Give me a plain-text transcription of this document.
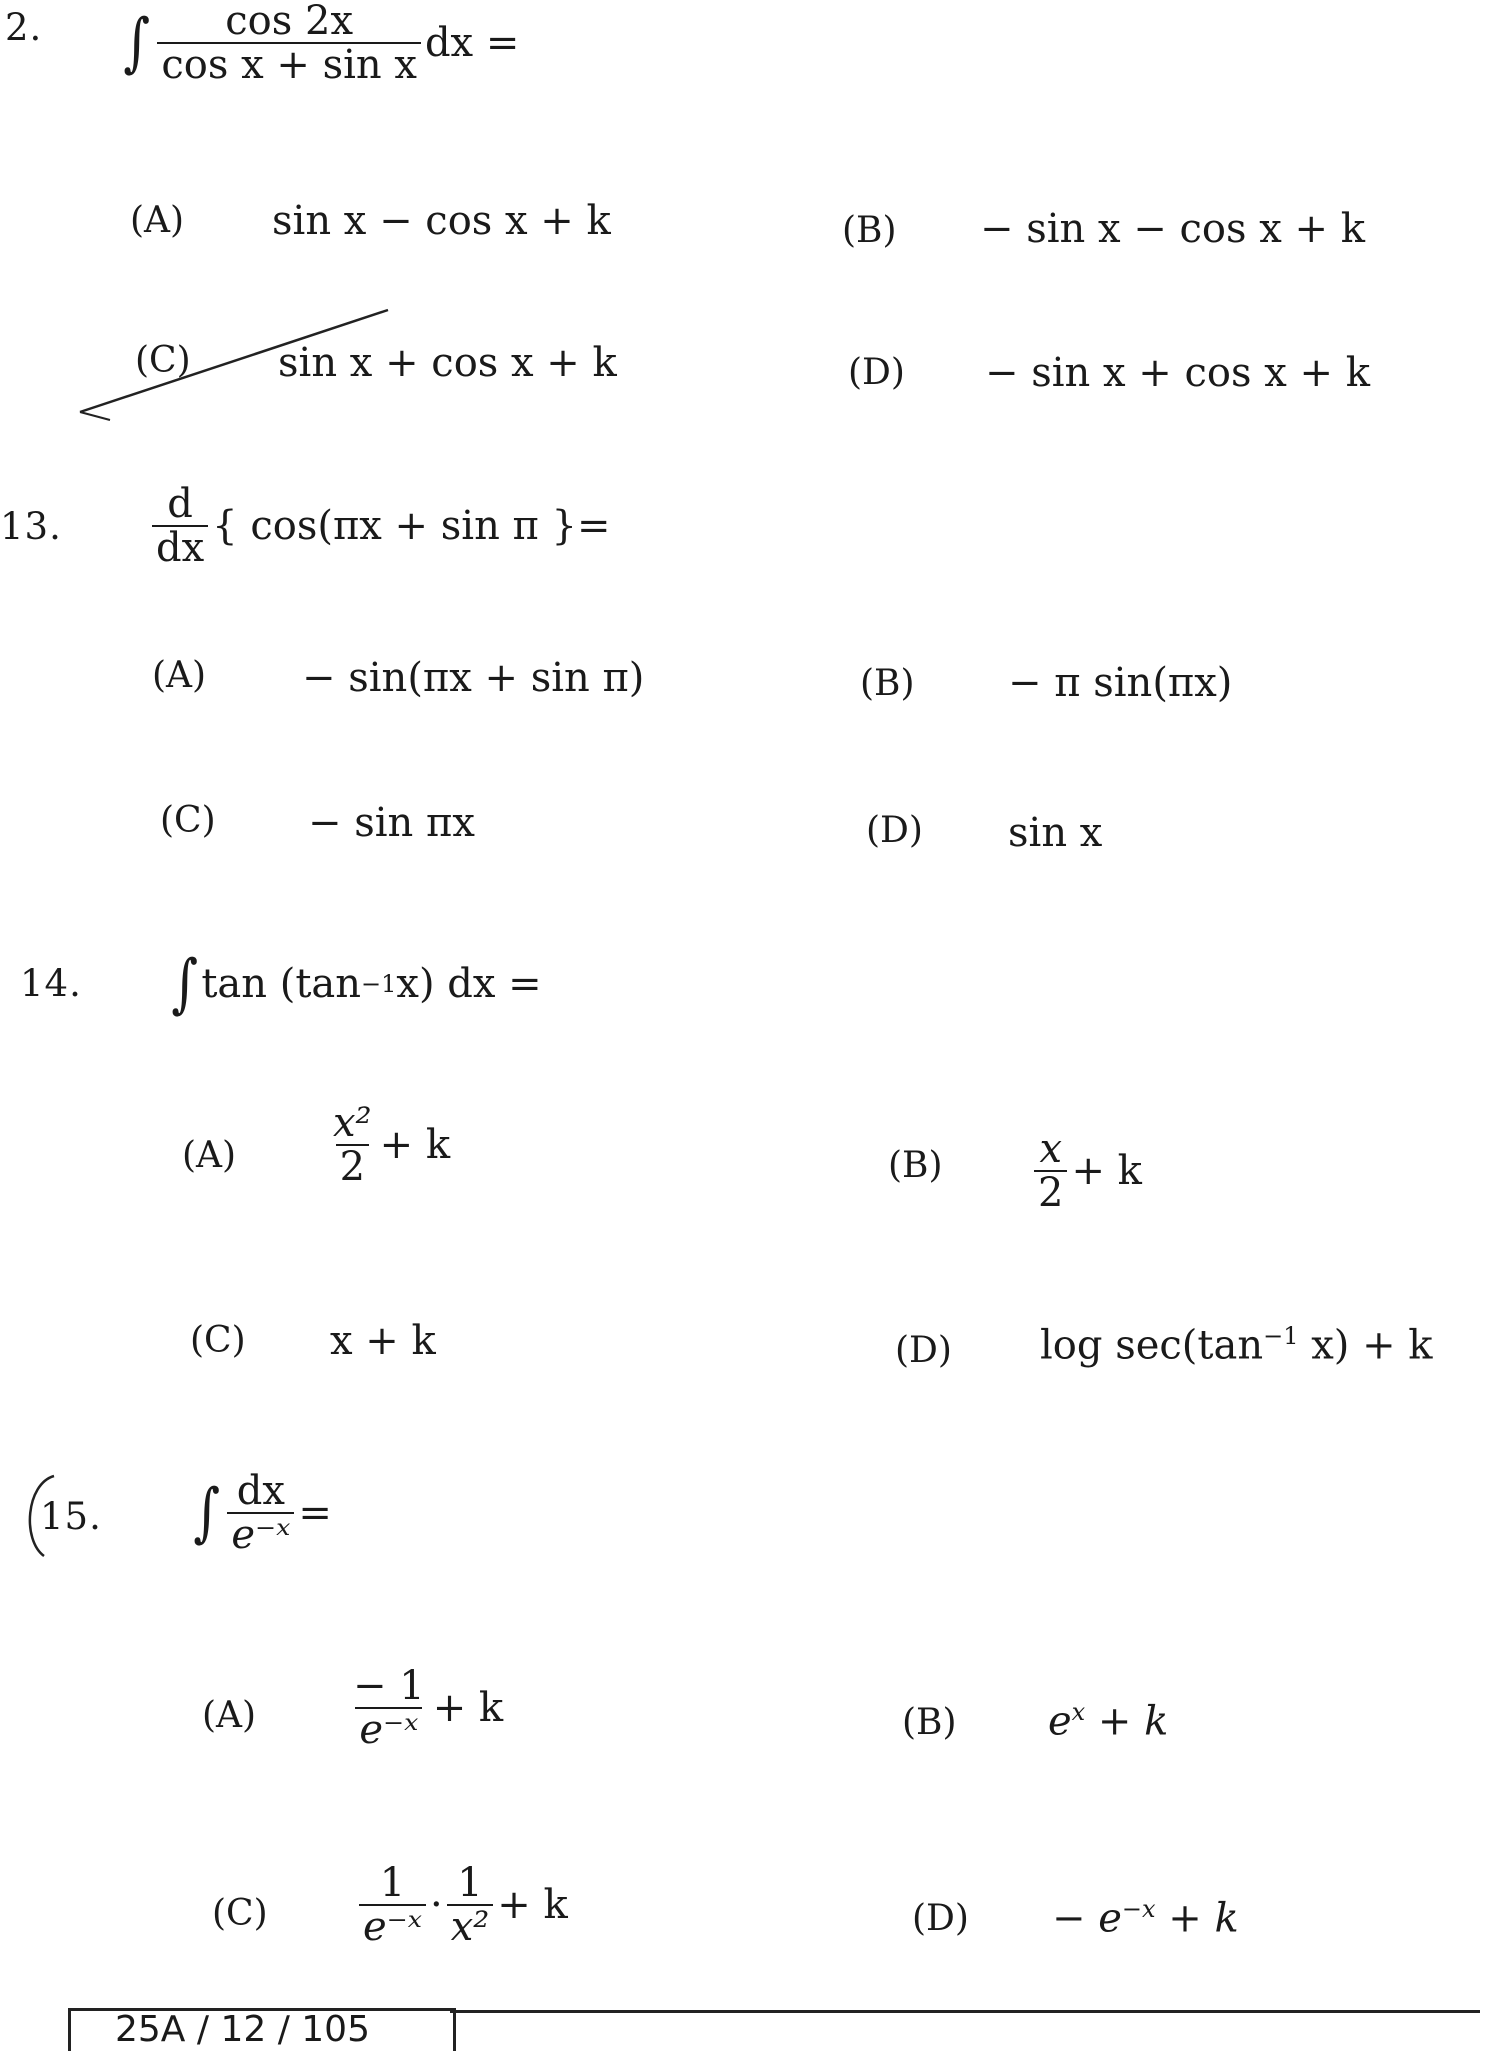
2. ∫ $\frac{\cos 2x}{\text{cos x + sin x}}$ dx =
(A) sin x − cos x + k	(B) − sin x − cos x + k
(C) sin x + cos x + k	(D) − sin x + cos x + k
13. $\frac{d}{dx}$ { cos(πx + sin π }=
(A) − sin(πx + sin π)	(B) − π sin(πx)
(C) − sin πx	(D) sin x
14. ∫ tan (tan −1 x) dx =
$(A) \frac{\text{x²}}{2} + k$	$(B) \frac{x}{2} + k$
(C) x + k	(D) $\log \sec(\tan^{-1}$ x) + k
15. ∫ $\frac{dx}{\text{e⁻ˣ}}$ =
$(A) \frac{- 1}{\text{e⁻ˣ}} + k$	(B) $e^x + k$
$(C) \frac{1}{\text{e⁻ˣ}} \cdot \frac{1}{\text{x²}} + k$	$(D) - e^{-x} + k$
25A / 12 / 105
